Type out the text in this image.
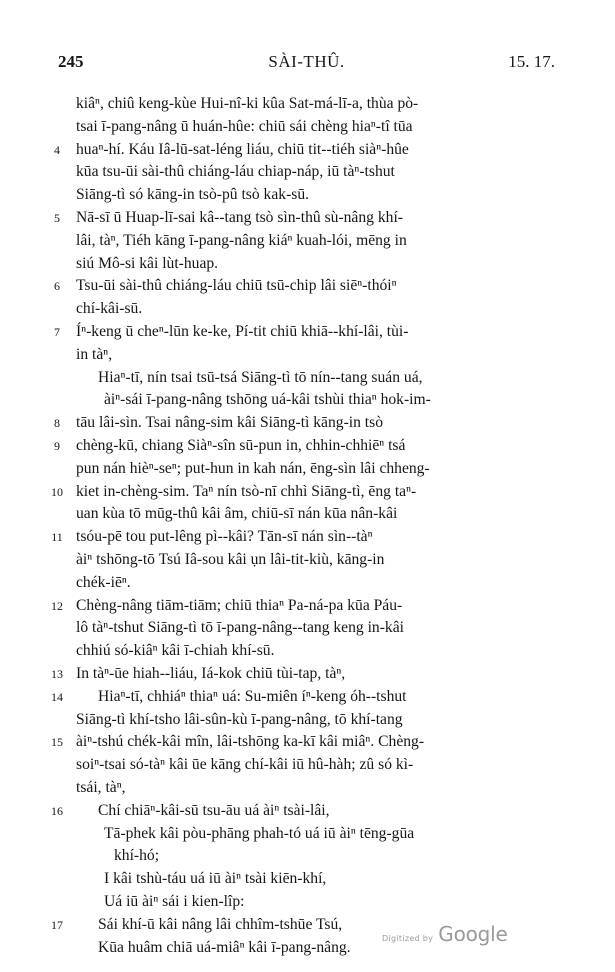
245	SÀI-THÛ.	15. 17.
kiâⁿ, chiû keng-kùe Hui-nî-ki kûa Sat-má-lī-a, thùa pò-
tsai ī-pang-nâng ū huán-hûe: chiū sái chèng hiaⁿ-tî tūa
4	huaⁿ-hí. Káu Iâ-lū-sat-léng liáu, chiū tit--tiéh siàⁿ-hûe
kūa tsu-ūi sài-thû chiáng-láu chiap-náp, iū tàⁿ-tshut
Siāng-tì só kāng-in tsò-pû tsò kak-sū.
5	Nā-sī ū Huap-lī-sai kâ--tang tsò sìn-thû sù-nâng khí-
lâi, tàⁿ, Tiéh kāng ī-pang-nâng kiáⁿ kuah-lói, mēng in
siú Mô-si kâi lùt-huap.
6	Tsu-ūi sài-thû chiáng-láu chiū tsū-chip lâi siēⁿ-thóiⁿ
chí-kâi-sū.
7	Íⁿ-keng ū cheⁿ-lūn ke-ke, Pí-tit chiū khiā--khí-lâi, tùi-
in tàⁿ,
Hiaⁿ-tī, nín tsai tsū-tsá Siāng-tì tō nín--tang suán uá,
àiⁿ-sái ī-pang-nâng tshōng uá-kâi tshùi thiaⁿ hok-im-
8	tāu lâi-sìn. Tsai nâng-sim kâi Siāng-tì kāng-in tsò
9	chèng-kū, chiang Siàⁿ-sîn sū-pun in, chhin-chhiēⁿ tsá
pun nán hièⁿ-seⁿ; put-hun in kah nán, ēng-sìn lâi chheng-
10 kiet in-chèng-sim. Taⁿ nín tsò-nī chhì Siāng-tì, ēng taⁿ-
uan kùa tō mūg-thû kâi âm, chiū-sī nán kūa nân-kâi
11 tsóu-pē tou put-lêng pì--kâi? Tān-sī nán sìn--tàⁿ
àiⁿ tshōng-tō Tsú Iâ-sou kâi ụn lâi-tit-kiù, kāng-in
chék-iēⁿ.
12 Chèng-nâng tiām-tiām; chiū thiaⁿ Pa-ná-pa kūa Páu-
lô tàⁿ-tshut Siāng-tì tō ī-pang-nâng--tang keng in-kâi
chhiú só-kiâⁿ kâi ī-chiah khí-sū.
13 In tàⁿ-ūe hiah--liáu, Iá-kok chiū tùi-tap, tàⁿ,
14	Hiaⁿ-tī, chhiáⁿ thiaⁿ uá: Su-miên íⁿ-keng óh--tshut
Siāng-tì khí-tsho lâi-sûn-kù ī-pang-nâng, tō khí-tang
15 àiⁿ-tshú chék-kâi mîn, lâi-tshōng ka-kī kâi miâⁿ. Chèng-
soiⁿ-tsai só-tàⁿ kâi ūe kāng chí-kâi iū hû-hàh; zû só kì-
tsái, tàⁿ,
16	Chí chiāⁿ-kâi-sū tsu-āu uá àiⁿ tsài-lâi,
Tā-phek kâi pòu-phāng phah-tó uá iū àiⁿ tēng-gūa
khí-hó;
I kâi tshù-táu uá iū àiⁿ tsài kiēn-khí,
Uá iū àiⁿ sái i kien-lîp:
17	Sái khí-ū kâi nâng lâi chhîm-tshūe Tsú,
Kūa huâm chiā uá-miâⁿ kâi ī-pang-nâng.
Digitized by Google
